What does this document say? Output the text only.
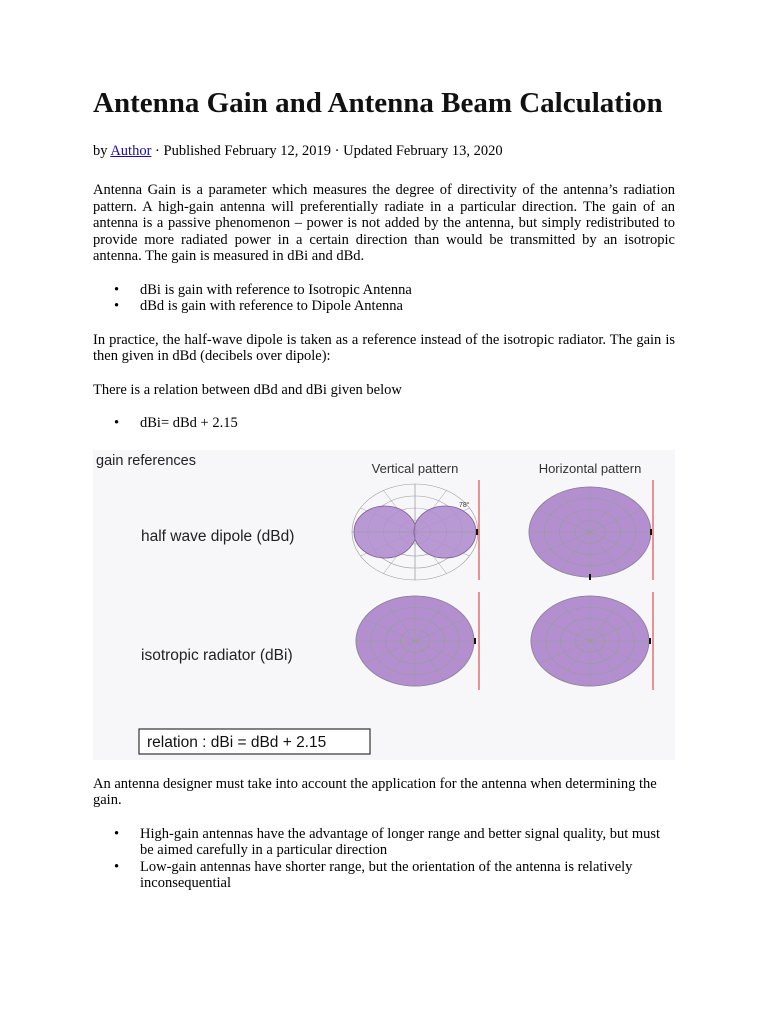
Antenna Gain and Antenna Beam Calculation
by Author · Published February 12, 2019 · Updated February 13, 2020

Antenna Gain is a parameter which measures the degree of directivity of the antenna’s radiation pattern. A high-gain antenna will preferentially radiate in a particular direction. The gain of an antenna is a passive phenomenon – power is not added by the antenna, but simply redistributed to provide more radiated power in a certain direction than would be transmitted by an isotropic antenna. The gain is measured in dBi and dBd.

• dBi is gain with reference to Isotropic Antenna
• dBd is gain with reference to Dipole Antenna

In practice, the half-wave dipole is taken as a reference instead of the isotropic radiator. The gain is then given in dBd (decibels over dipole):

There is a relation between dBd and dBi given below

• dBi= dBd + 2.15
gain references	Vertical pattern	Horizontal pattern
half wave dipole (dBd)
isotropic radiator (dBi)
78°
relation : dBi = dBd + 2.15

An antenna designer must take into account the application for the antenna when determining the gain.

• High-gain antennas have the advantage of longer range and better signal quality, but must be aimed carefully in a particular direction
• Low-gain antennas have shorter range, but the orientation of the antenna is relatively inconsequential
